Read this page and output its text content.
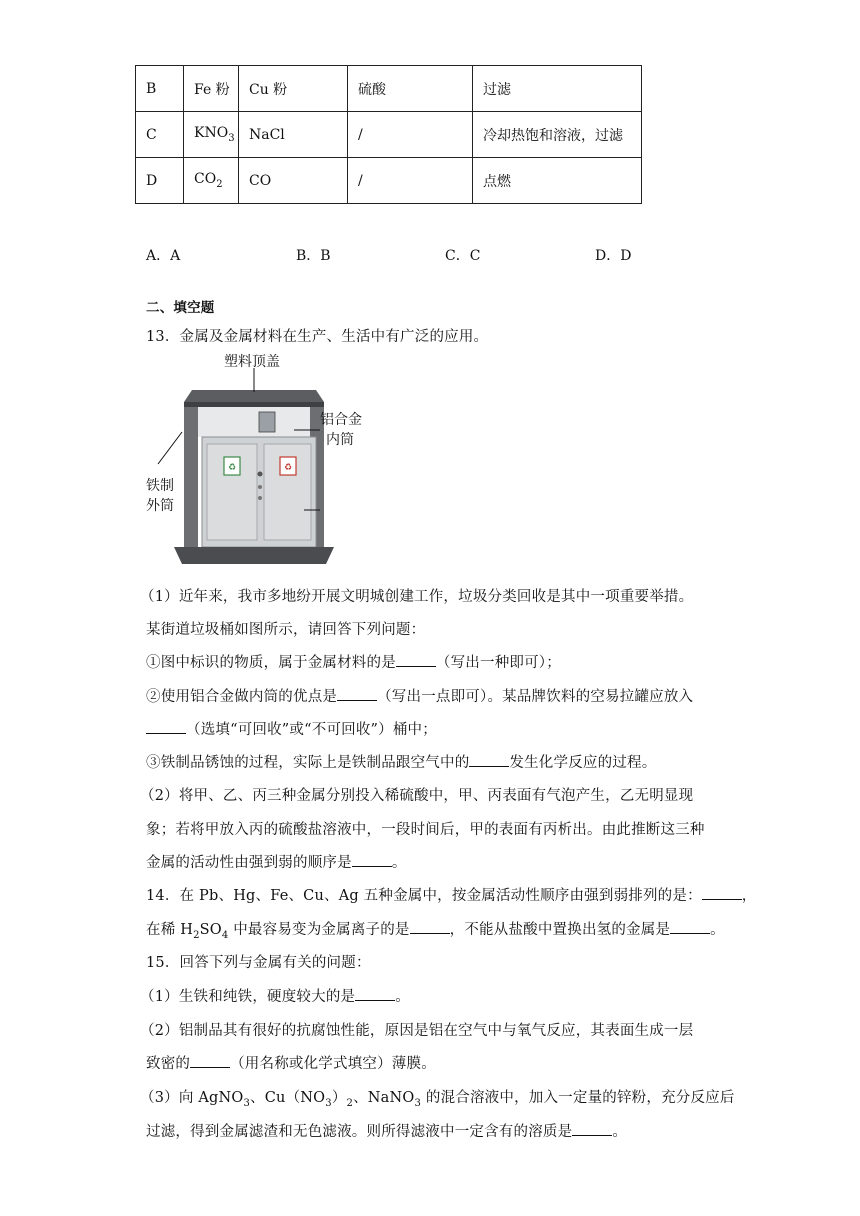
B	Fe 粉	Cu 粉	硫酸	过滤
C	$KNO_3$	NaCl	/	冷却热饱和溶液，过滤
D	$CO_2$	CO	/	点燃
A．A	B．B	C．C	D．D
二、填空题
13．金属及金属材料在生产、生活中有广泛的应用。
♻	♻
塑料顶盖
铝合金
内筒
铁制
外筒
（1）近年来，我市多地纷开展文明城创建工作，垃圾分类回收是其中一项重要举措。
某街道垃圾桶如图所示，请回答下列问题：
①图中标识的物质，属于金属材料的是	（写出一种即可）；
②使用铝合金做内筒的优点是	（写出一点即可）。某品牌饮料的空易拉罐应放入
（选填“可回收”或“不可回收”）桶中；
③铁制品锈蚀的过程，实际上是铁制品跟空气中的	发生化学反应的过程。
（2）将甲、乙、丙三种金属分别投入稀硫酸中，甲、丙表面有气泡产生，乙无明显现
象；若将甲放入丙的硫酸盐溶液中，一段时间后，甲的表面有丙析出。由此推断这三种
金属的活动性由强到弱的顺序是	。
14．在 Pb、Hg、Fe、Cu、Ag 五种金属中，按金属活动性顺序由强到弱排列的是：	，
在稀 $H_2SO_4$ 中最容易变为金属离子的是	，不能从盐酸中置换出氢的金属是	。
15．回答下列与金属有关的问题：
（1）生铁和纯铁，硬度较大的是	。
（2）铝制品其有很好的抗腐蚀性能，原因是铝在空气中与氧气反应，其表面生成一层
致密的	（用名称或化学式填空）薄膜。
（3）向 AgNO$_3$、$Cu(NO_3)_2$、NaNO$_3$ 的混合溶液中，加入一定量的锌粉，充分反应后
过滤，得到金属滤渣和无色滤液。则所得滤液中一定含有的溶质是	。
